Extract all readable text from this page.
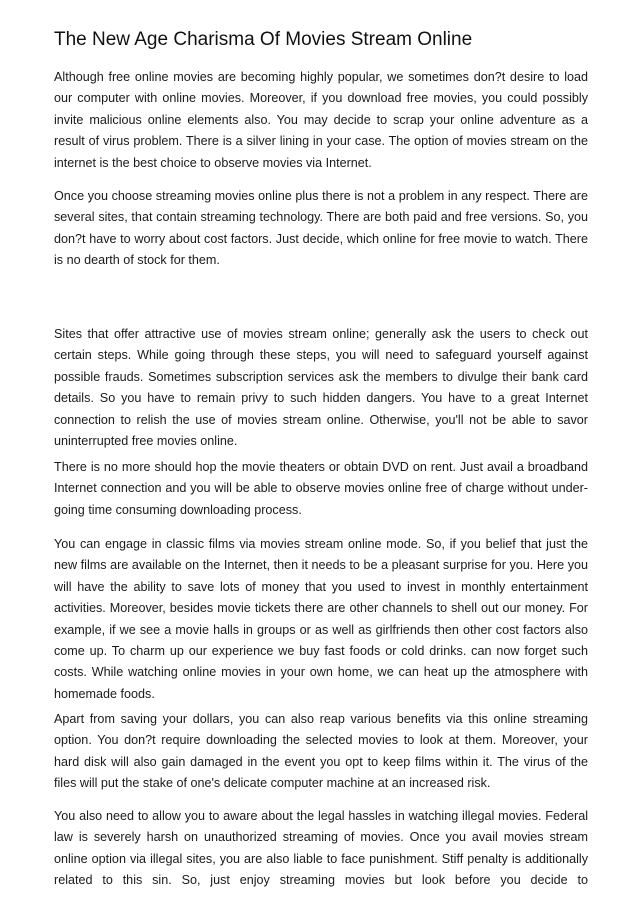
The New Age Charisma Of Movies Stream Online

Although free online movies are becoming highly popular, we sometimes don?t desire to load our computer with online movies. Moreover, if you download free movies, you could possibly invite malicious online elements also. You may decide to scrap your online adventure as a result of virus problem. There is a silver lining in your case. The option of movies stream on the internet is the best choice to observe movies via Internet.

Once you choose streaming movies online plus there is not a problem in any respect. There are several sites, that contain streaming technology. There are both paid and free versions. So, you don?t have to worry about cost factors. Just decide, which online for free movie to watch. There is no dearth of stock for them.

Sites that offer attractive use of movies stream online; generally ask the users to check out certain steps. While going through these steps, you will need to safeguard yourself against possible frauds. Sometimes subscription services ask the members to divulge their bank card details. So you have to remain privy to such hidden dangers. You have to a great Internet connection to relish the use of movies stream online. Otherwise, you'll not be able to savor uninterrupted free movies online.

There is no more should hop the movie theaters or obtain DVD on rent. Just avail a broadband Internet connection and you will be able to observe movies online free of charge without under-going time consuming downloading process.

You can engage in classic films via movies stream online mode. So, if you belief that just the new films are available on the Internet, then it needs to be a pleasant surprise for you. Here you will have the ability to save lots of money that you used to invest in monthly entertainment activities. Moreover, besides movie tickets there are other channels to shell out our money. For example, if we see a movie halls in groups or as well as girlfriends then other cost factors also come up. To charm up our experience we buy fast foods or cold drinks. can now forget such costs. While watching online movies in your own home, we can heat up the atmosphere with homemade foods.

Apart from saving your dollars, you can also reap various benefits via this online streaming option. You don?t require downloading the selected movies to look at them. Moreover, your hard disk will also gain damaged in the event you opt to keep films within it. The virus of the files will put the stake of one's delicate computer machine at an increased risk.

You also need to allow you to aware about the legal hassles in watching illegal movies. Federal law is severely harsh on unauthorized streaming of movies. Once you avail movies stream online option via illegal sites, you are also liable to face punishment. Stiff penalty is additionally related to this sin. So, just enjoy streaming movies but look before you decide to
